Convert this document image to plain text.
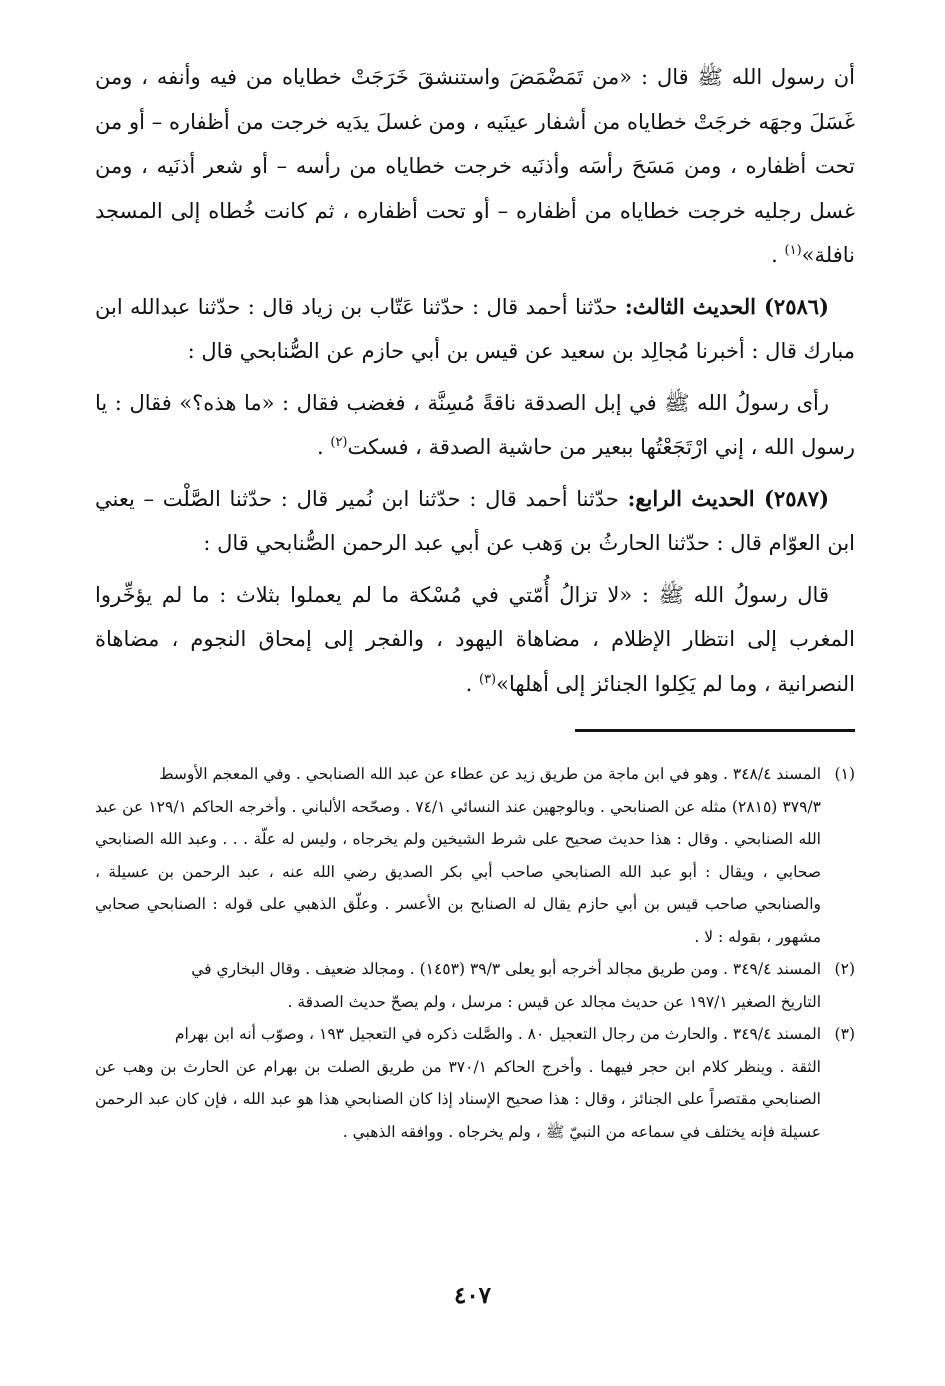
أن رسول الله ﷺ قال : «من تَمَضْمَضَ واستنشقَ خَرَجَتْ خطاياه من فيه وأنفه ، ومن غَسَلَ وجهَه خرجَتْ خطاياه من أشفار عينَيه ، ومن غسلَ يدَيه خرجت من أظفاره – أو من تحت أظفاره ، ومن مَسَحَ رأسَه وأذنَيه خرجت خطاياه من رأسه – أو شعر أذنَيه ، ومن غسل رجليه خرجت خطاياه من أظفاره – أو تحت أظفاره ، ثم كانت خُطاه إلى المسجد نافلة»$^{(١)}$ .

(٢٥٨٦) الحديث الثالث: حدّثنا أحمد قال : حدّثنا عَتّاب بن زياد قال : حدّثنا عبدالله ابن مبارك قال : أخبرنا مُجالِد بن سعيد عن قيس بن أبي حازم عن الصُّنابحي قال :

رأى رسولُ الله ﷺ في إبل الصدقة ناقةً مُسِنَّة ، فغضب فقال : «ما هذه؟» فقال : يا رسول الله ، إني ارْتَجَعْتُها ببعير من حاشية الصدقة ، فسكت$^{(٢)}$ .

(٢٥٨٧) الحديث الرابع: حدّثنا أحمد قال : حدّثنا ابن نُمير قال : حدّثنا الصَّلْت – يعني ابن العوّام قال : حدّثنا الحارثُ بن وَهب عن أبي عبد الرحمن الصُّنابحي قال :

قال رسولُ الله ﷺ : «لا تزالُ أُمّتي في مُسْكة ما لم يعملوا بثلاث : ما لم يؤخِّروا المغرب إلى انتظار الإظلام ، مضاهاة اليهود ، والفجر إلى إمحاق النجوم ، مضاهاة النصرانية ، وما لم يَكِلوا الجنائز إلى أهلها»$^{(٣)}$ .

(١)المسند ٣٤٨/٤ . وهو في ابن ماجة من طريق زيد عن عطاء عن عبد الله الصنابحي . وفي المعجم الأوسط

٣٧٩/٣ (٢٨١٥) مثله عن الصنابحي . وبالوجهين عند النسائي ٧٤/١ . وصحّحه الألباني . وأخرجه الحاكم ١٢٩/١ عن عبد الله الصنابحي . وقال : هذا حديث صحيح على شرط الشيخين ولم يخرجاه ، وليس له علّة . . . وعبد الله الصنابحي صحابي ، ويقال : أبو عبد الله الصنابحي صاحب أبي بكر الصديق رضي الله عنه ، عبد الرحمن بن عسيلة ، والصنابحي صاحب قيس بن أبي حازم يقال له الصنابح بن الأعسر . وعلّق الذهبي على قوله : الصنابحي صحابي مشهور ، بقوله : لا .

(٢)المسند ٣٤٩/٤ . ومن طريق مجالد أخرجه أبو يعلى ٣٩/٣ (١٤٥٣) . ومجالد ضعيف . وقال البخاري في

التاريخ الصغير ١٩٧/١ عن حديث مجالد عن قيس : مرسل ، ولم يصحّ حديث الصدقة .

(٣)المسند ٣٤٩/٤ . والحارث من رجال التعجيل ٨٠ . والصَّلت ذكره في التعجيل ١٩٣ ، وصوّب أنه ابن بهرام

الثقة . وينظر كلام ابن حجر فيهما . وأخرج الحاكم ٣٧٠/١ من طريق الصلت بن بهرام عن الحارث بن وهب عن الصنابحي مقتصراً على الجنائز ، وقال : هذا صحيح الإسناد إذا كان الصنابحي هذا هو عبد الله ، فإن كان عبد الرحمن عسيلة فإنه يختلف في سماعه من النبيّ ﷺ ، ولم يخرجاه . ووافقه الذهبي .

٤٠٧
